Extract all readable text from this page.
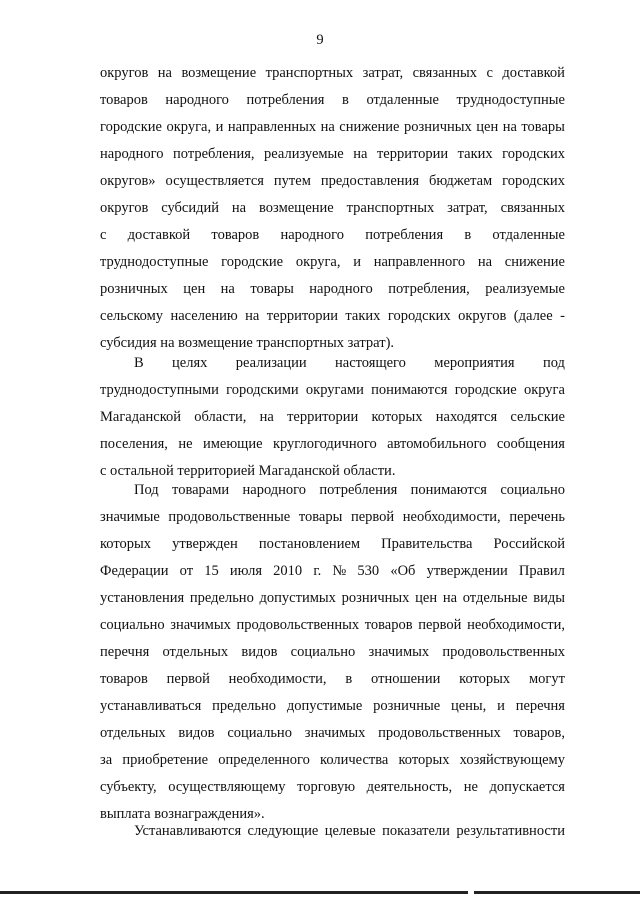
9
округов на возмещение транспортных затрат, связанных с доставкой
товаров народного потребления в отдаленные труднодоступные
городские округа, и направленных на снижение розничных цен на товары
народного потребления, реализуемые на территории таких городских
округов» осуществляется путем предоставления бюджетам городских
округов субсидий на возмещение транспортных затрат, связанных
с доставкой товаров народного потребления в отдаленные
труднодоступные городские округа, и направленного на снижение
розничных цен на товары народного потребления, реализуемые
сельскому населению на территории таких городских округов (далее -
субсидия на возмещение транспортных затрат).
В целях реализации настоящего мероприятия под
труднодоступными городскими округами понимаются городские округа
Магаданской области, на территории которых находятся сельские
поселения, не имеющие круглогодичного автомобильного сообщения
с остальной территорией Магаданской области.
Под товарами народного потребления понимаются социально
значимые продовольственные товары первой необходимости, перечень
которых утвержден постановлением Правительства Российской
Федерации от 15 июля 2010 г. № 530 «Об утверждении Правил
установления предельно допустимых розничных цен на отдельные виды
социально значимых продовольственных товаров первой необходимости,
перечня отдельных видов социально значимых продовольственных
товаров первой необходимости, в отношении которых могут
устанавливаться предельно допустимые розничные цены, и перечня
отдельных видов социально значимых продовольственных товаров,
за приобретение определенного количества которых хозяйствующему
субъекту, осуществляющему торговую деятельность, не допускается
выплата вознаграждения».
Устанавливаются следующие целевые показатели результативности
